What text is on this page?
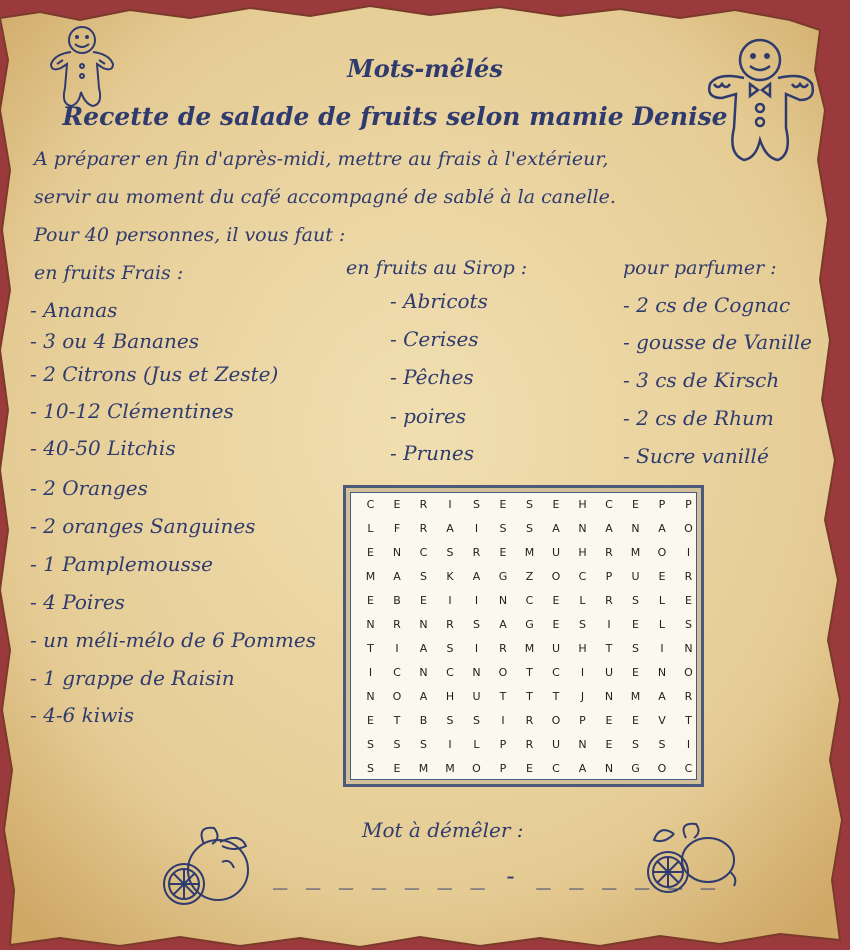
Mots-mêlés
Recette de salade de fruits selon mamie Denise
A préparer en fin d'après-midi, mettre au frais à l'extérieur,
servir au moment du café accompagné de sablé à la canelle.
Pour 40 personnes, il vous faut :
en fruits Frais :	en fruits au Sirop :	pour parfumer :
- Ananas
- 3 ou 4 Bananes
- 2 Citrons (Jus et Zeste)
- 10-12 Clémentines
- 40-50 Litchis
- 2 Oranges
- 2 oranges Sanguines
- 1 Pamplemousse
- 4 Poires
- un méli-mélo de 6 Pommes
- 1 grappe de Raisin
- 4-6 kiwis
- Abricots
- Cerises
- Pêches
- poires
- Prunes
- 2 cs de Cognac
- gousse de Vanille
- 3 cs de Kirsch
- 2 cs de Rhum
- Sucre vanillé
C	E	R	I	S	E	S	E	H	C	E	P	P
L	F	R	A	I	S	S	A	N	A	N	A	O
E	N	C	S	R	E	M	U	H	R	M	O	I
M	A	S	K	A	G	Z	O	C	P	U	E	R
E	B	E	I	I	N	C	E	L	R	S	L	E
N	R	N	R	S	A	G	E	S	I	E	L	S
T	I	A	S	I	R	M	U	H	T	S	I	N
I	C	N	C	N	O	T	C	I	U	E	N	O
N	O	A	H	U	T	T	T	J	N	M	A	R
E	T	B	S	S	I	R	O	P	E	E	V	T
S	S	S	I	L	P	R	U	N	E	S	S	I
S	E	M	M	O	P	E	C	A	N	G	O	C
Mot à démêler :
_ _ _ _ _ _ _ - _ _ _ _ _ _
